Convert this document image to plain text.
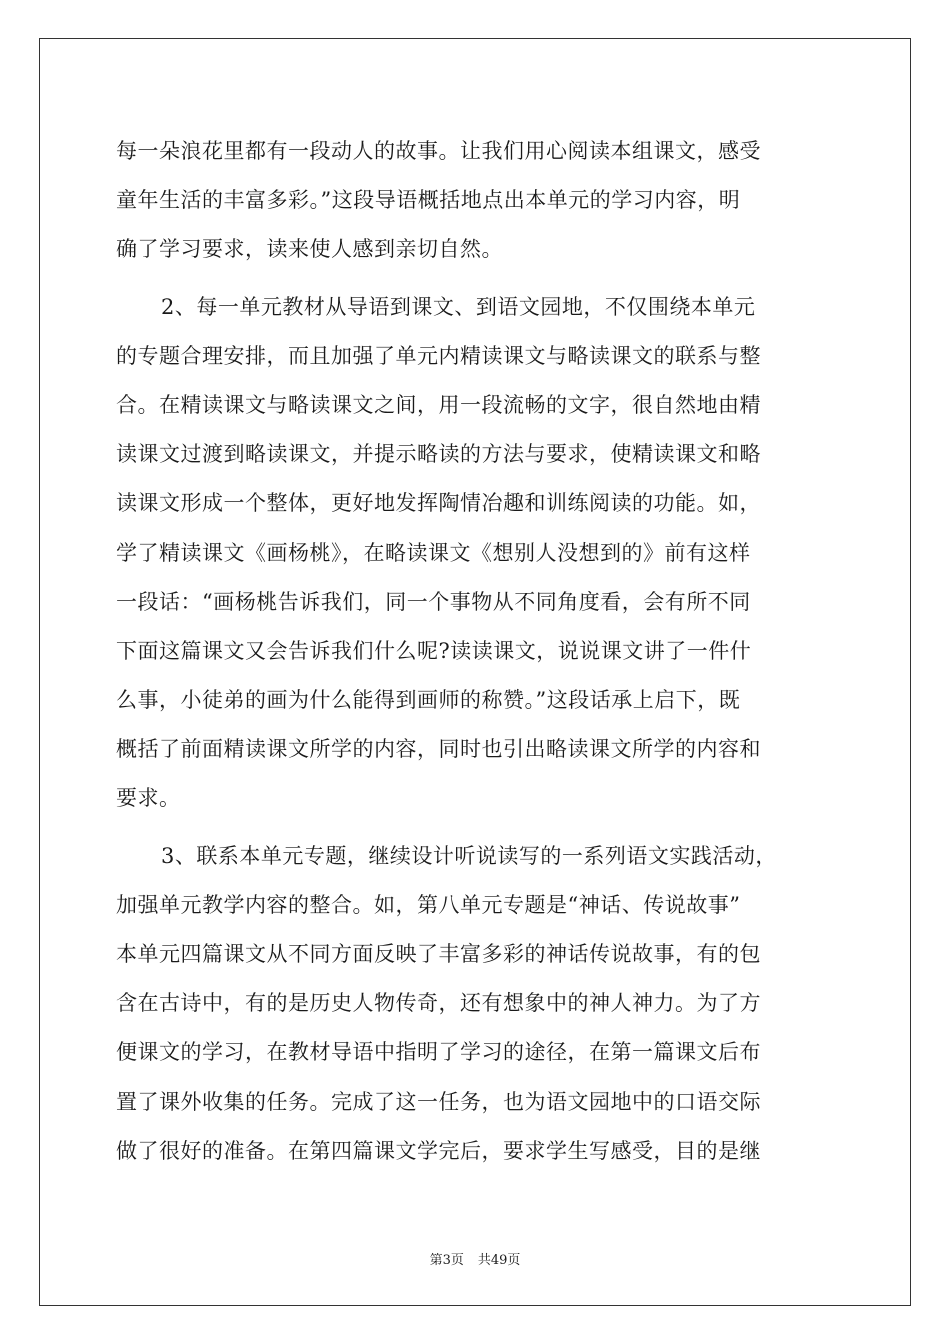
每一朵浪花里都有一段动人的故事。让我们用心阅读本组课文，感受
童年生活的丰富多彩。”这段导语概括地点出本单元的学习内容，明
确了学习要求，读来使人感到亲切自然。
2、每一单元教材从导语到课文、到语文园地，不仅围绕本单元
的专题合理安排，而且加强了单元内精读课文与略读课文的联系与整
合。在精读课文与略读课文之间，用一段流畅的文字，很自然地由精
读课文过渡到略读课文，并提示略读的方法与要求，使精读课文和略
读课文形成一个整体，更好地发挥陶情冶趣和训练阅读的功能。如，
学了精读课文《画杨桃》，在略读课文《想别人没想到的》前有这样
一段话：“画杨桃告诉我们，同一个事物从不同角度看，会有所不同
下面这篇课文又会告诉我们什么呢?读读课文，说说课文讲了一件什
么事，小徒弟的画为什么能得到画师的称赞。”这段话承上启下，既
概括了前面精读课文所学的内容，同时也引出略读课文所学的内容和
要求。
3、联系本单元专题，继续设计听说读写的一系列语文实践活动，
加强单元教学内容的整合。如，第八单元专题是“神话、传说故事”
本单元四篇课文从不同方面反映了丰富多彩的神话传说故事，有的包
含在古诗中，有的是历史人物传奇，还有想象中的神人神力。为了方
便课文的学习，在教材导语中指明了学习的途径，在第一篇课文后布
置了课外收集的任务。完成了这一任务，也为语文园地中的口语交际
做了很好的准备。在第四篇课文学完后，要求学生写感受，目的是继
第3页 共49页
